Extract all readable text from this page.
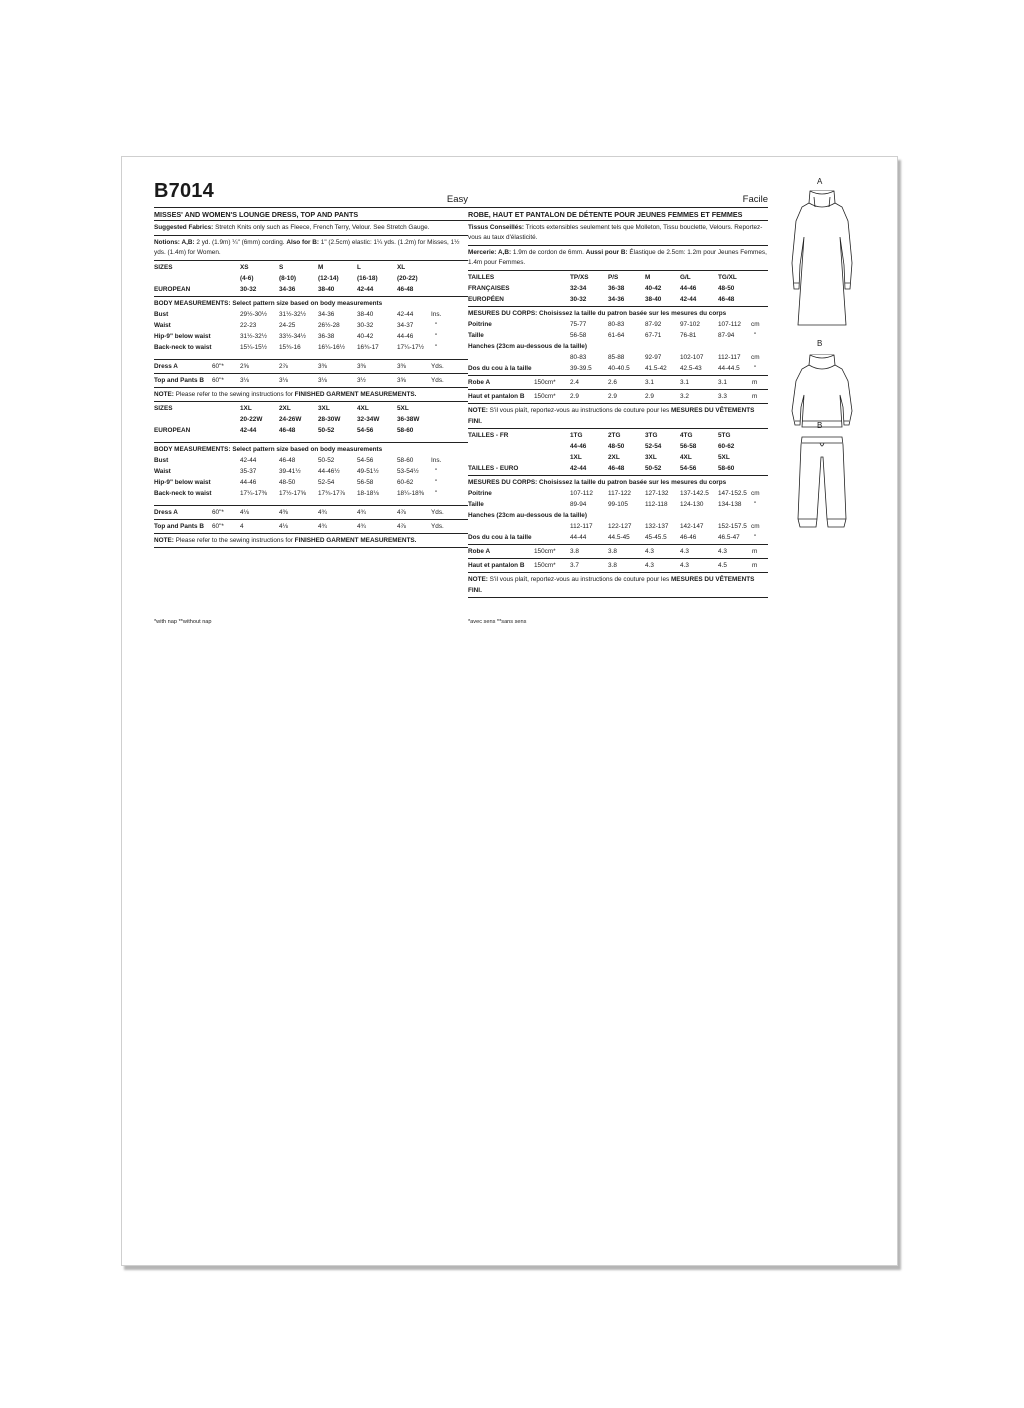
B7014	Easy
MISSES' AND WOMEN'S LOUNGE DRESS, TOP AND PANTS
Suggested Fabrics: Stretch Knits only such as Fleece, French Terry, Velour. See Stretch Gauge.
Notions: A,B: 2 yd. (1.9m) ¼" (6mm) cording. Also for B: 1" (2.5cm) elastic: 1¼ yds. (1.2m) for Misses, 1½ yds. (1.4m) for Women.
SIZES	XS	S	M	L	XL
(4-6)	(8-10)	(12-14)	(16-18)	(20-22)
EUROPEAN	30-32	34-36	38-40	42-44	46-48
BODY MEASUREMENTS: Select pattern size based on body measurements
Bust	29½-30½ 31½-32½ 34-36	38-40	42-44	Ins.
Waist	22-23	24-25	26½-28	30-32	34-37	"
Hip-9" below waist	31½-32½ 33½-34½ 36-38	40-42	44-46	"
Back-neck to waist	15¼-15½ 15¾-16	16¼-16½ 16¾-17	17¼-17½ "
Dress A	60"*	2⅝	2⅞	3⅜	3⅜	3⅜	Yds.
Top and Pants B 60"*	3⅛	3⅛	3⅛	3½	3⅝	Yds.
NOTE: Please refer to the sewing instructions for FINISHED GARMENT MEASUREMENTS.
SIZES	1XL	2XL	3XL	4XL	5XL
20-22W	24-26W	28-30W	32-34W	36-38W
EUROPEAN	42-44	46-48	50-52	54-56	58-60
BODY MEASUREMENTS: Select pattern size based on body measurements
Bust	42-44	46-48	50-52	54-56	58-60	Ins.
Waist	35-37	39-41½	44-46½	49-51½	53-54½	"
Hip-9" below waist	44-46	48-50	52-54	56-58	60-62	"
Back-neck to waist	17¼-17⅜ 17½-17⅝ 17¾-17⅞ 18-18⅛	18¼-18⅜ "
Dress A	60"*	4⅛	4⅜	4¾	4¾	4⅞	Yds.
Top and Pants B 60"*	4	4⅛	4¾	4¾	4⅞	Yds.
NOTE: Please refer to the sewing instructions for FINISHED GARMENT MEASUREMENTS.
*with nap **without nap
Facile
ROBE, HAUT ET PANTALON DE DÉTENTE POUR JEUNES FEMMES ET FEMMES
Tissus Conseillés: Tricots extensibles seulement tels que Molleton, Tissu bouclette, Velours. Reportez-vous au taux d'élasticité.
Mercerie: A,B: 1.9m de cordon de 6mm. Aussi pour B: Élastique de 2.5cm: 1.2m pour Jeunes Femmes, 1.4m pour Femmes.
TAILLES	TP/XS	P/S	M	G/L	TG/XL
FRANÇAISES	32-34	36-38	40-42	44-46	48-50
EUROPÉEN	30-32	34-36	38-40	42-44	46-48
MESURES DU CORPS: Choisissez la taille du patron basée sur les mesures du corps
Poitrine	75-77	80-83	87-92	97-102	107-112 cm
Taille	56-58	61-64	67-71	76-81	87-94	"
Hanches (23cm au-dessous de la taille)
80-83	85-88	92-97	102-107 112-117 cm
Dos du cou à la taille	39-39.5	40-40.5 41.5-42 42.5-43	44-44.5 "
Robe A	150cm* 2.4	2.6	3.1	3.1	3.1	m
Haut et pantalon B 150cm* 2.9	2.9	2.9	3.2	3.3	m
NOTE: S'il vous plaît, reportez-vous au instructions de couture pour les MESURES DU VÊTEMENTS FINI.
TAILLES - FR	1TG	2TG	3TG	4TG	5TG
44-46	48-50	52-54	56-58	60-62
1XL	2XL	3XL	4XL	5XL
TAILLES - EURO	42-44	46-48	50-52	54-56	58-60
MESURES DU CORPS: Choisissez la taille du patron basée sur les mesures du corps
Poitrine	107-112 117-122 127-132 137-142.5 147-152.5 cm
Taille	89-94	99-105	112-118 124-130 134-138 "
Hanches (23cm au-dessous de la taille)
112-117 122-127 132-137 142-147 152-157.5 cm
Dos du cou à la taille	44-44	44.5-45 45-45.5 46-46	46.5-47 "
Robe A	150cm* 3.8	3.8	4.3	4.3	4.3	m
Haut et pantalon B 150cm* 3.7	3.8	4.3	4.3	4.5	m
NOTE: S'il vous plaît, reportez-vous au instructions de couture pour les MESURES DU VÊTEMENTS FINI.
*avec sens **sans sens
A
B
B
